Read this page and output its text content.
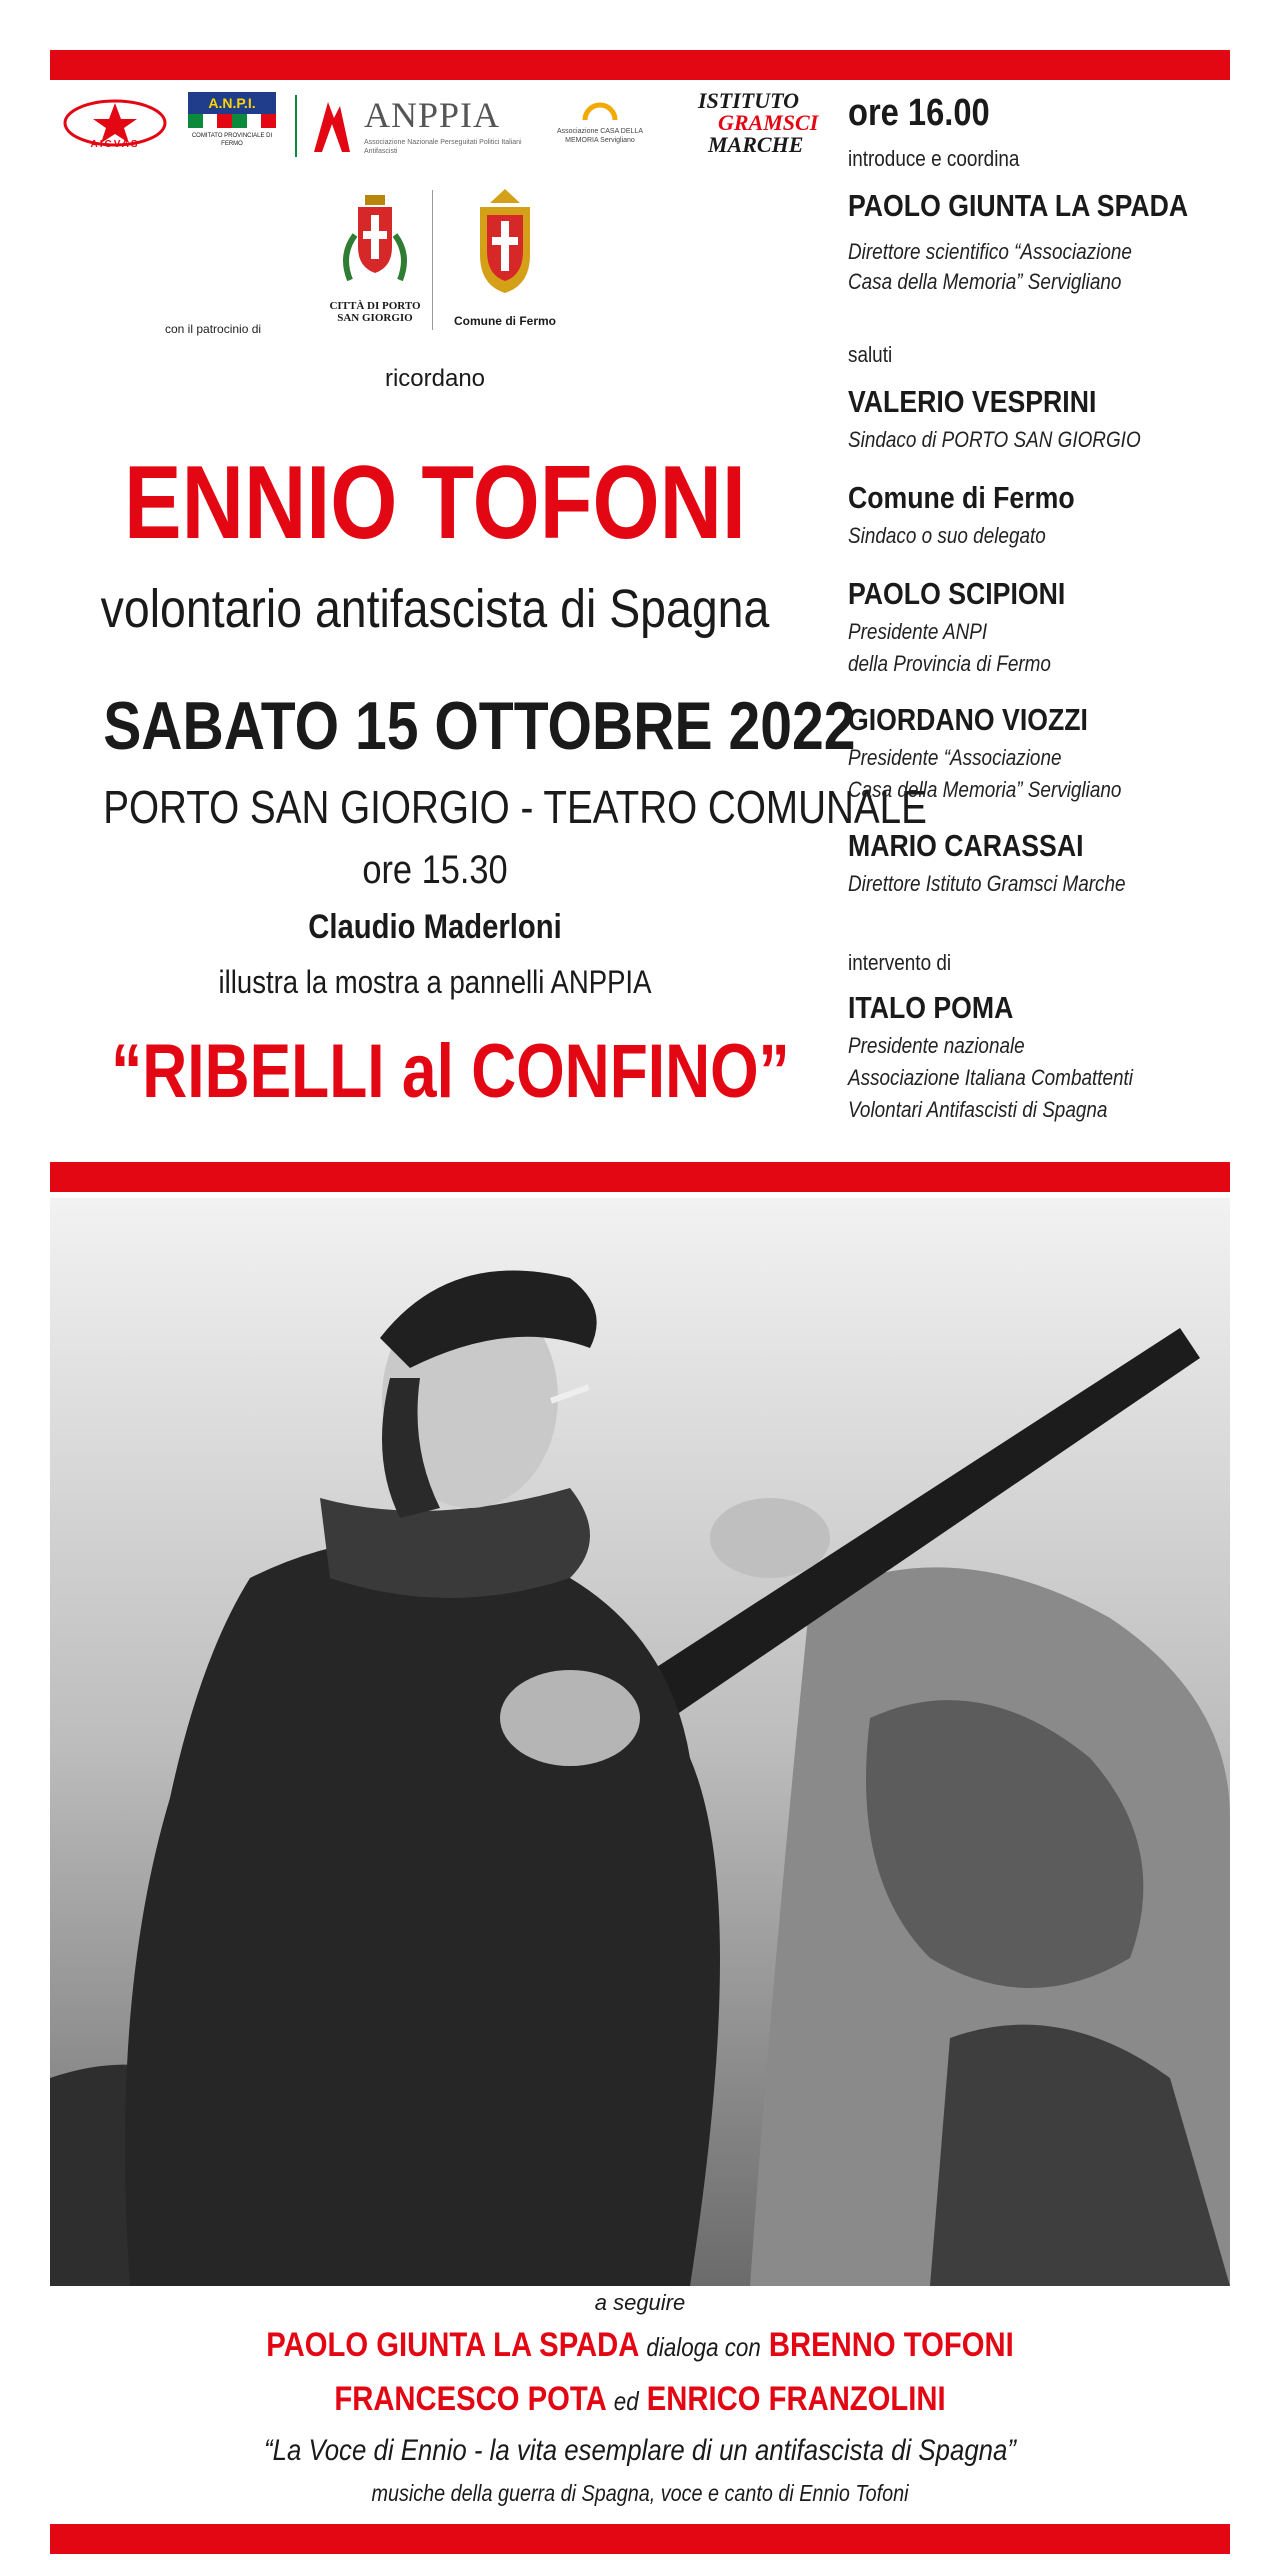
AICVAS
A.N.P.I.
COMITATO PROVINCIALE DI FERMO
ANPPIA
Associazione Nazionale Perseguitati Politici Italiani Antifascisti
Associazione CASA DELLA MEMORIA Servigliano
ISTITUTO
GRAMSCI
MARCHE
con il patrocinio di
CITTÀ DI PORTO SAN GIORGIO	Comune di Fermo
ricordano
ENNIO TOFONI
volontario antifascista di Spagna
SABATO 15 OTTOBRE 2022
PORTO SAN GIORGIO - TEATRO COMUNALE
ore 15.30
Claudio Maderloni
illustra la mostra a pannelli ANPPIA
“RIBELLI al CONFINO”
ore 16.00
introduce e coordina
PAOLO GIUNTA LA SPADA
Direttore scientifico “Associazione
Casa della Memoria” Servigliano
saluti
VALERIO VESPRINI
Sindaco di PORTO SAN GIORGIO
Comune di Fermo
Sindaco o suo delegato
PAOLO SCIPIONI
Presidente ANPI
della Provincia di Fermo
GIORDANO VIOZZI
Presidente “Associazione
Casa della Memoria” Servigliano
MARIO CARASSAI
Direttore Istituto Gramsci Marche
intervento di
ITALO POMA
Presidente nazionale
Associazione Italiana Combattenti
Volontari Antifascisti di Spagna
a seguire
PAOLO GIUNTA LA SPADA dialoga con BRENNO TOFONI
FRANCESCO POTA ed ENRICO FRANZOLINI
“La Voce di Ennio - la vita esemplare di un antifascista di Spagna”
musiche della guerra di Spagna, voce e canto di Ennio Tofoni
